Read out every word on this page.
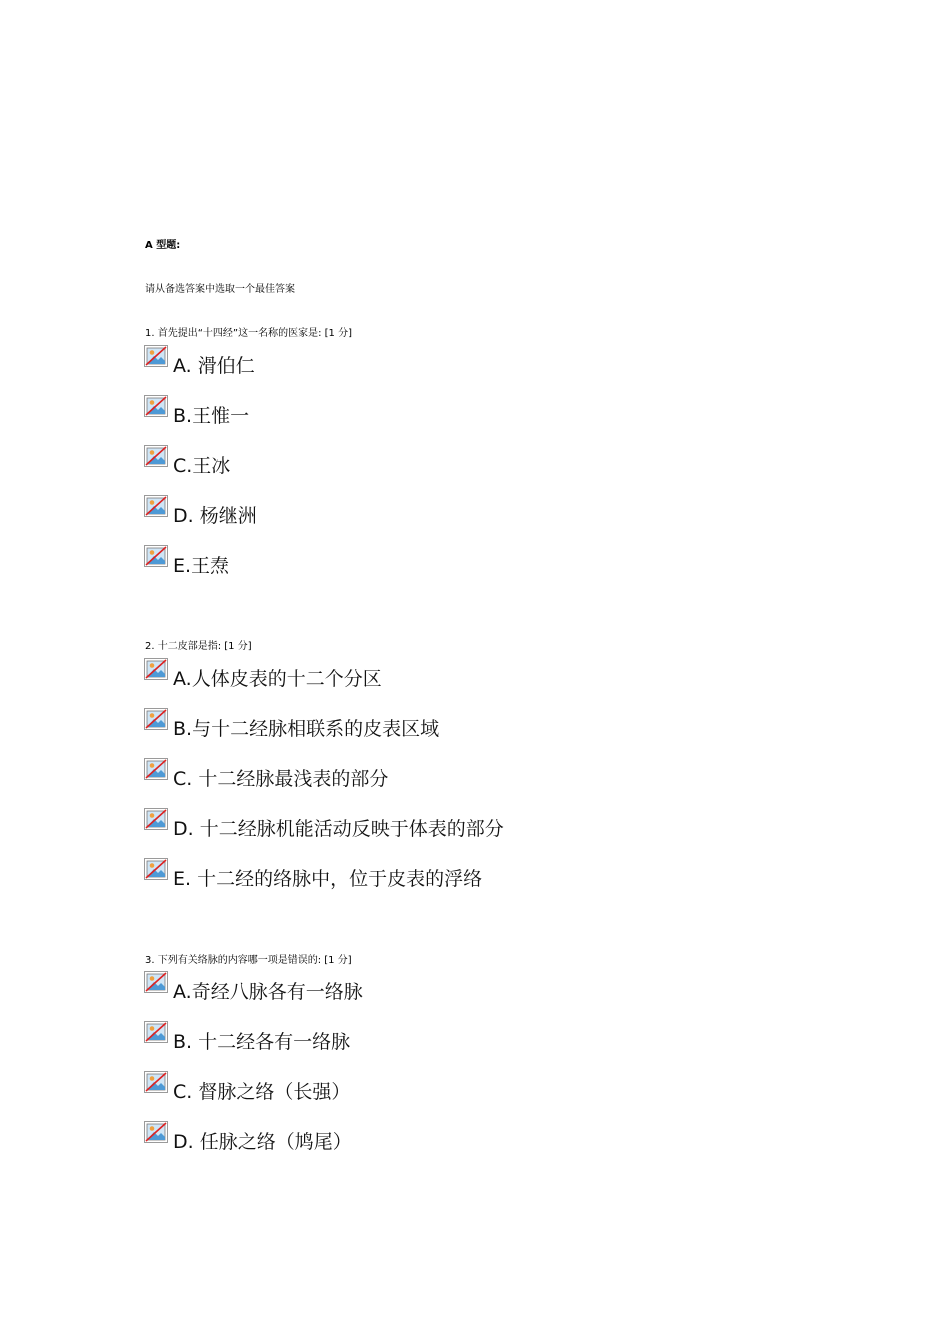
A 型题:
请从备选答案中选取一个最佳答案
1. 首先提出“十四经”这一名称的医家是: [1 分]
A. 滑伯仁
B.王惟一
C.王冰
D. 杨继洲
E.王焘
2. 十二皮部是指: [1 分]
A.人体皮表的十二个分区
B.与十二经脉相联系的皮表区域
C. 十二经脉最浅表的部分
D. 十二经脉机能活动反映于体表的部分
E. 十二经的络脉中，位于皮表的浮络
3. 下列有关络脉的内容哪一项是错误的: [1 分]
A.奇经八脉各有一络脉
B. 十二经各有一络脉
C. 督脉之络（长强）
D. 任脉之络（鸠尾）
